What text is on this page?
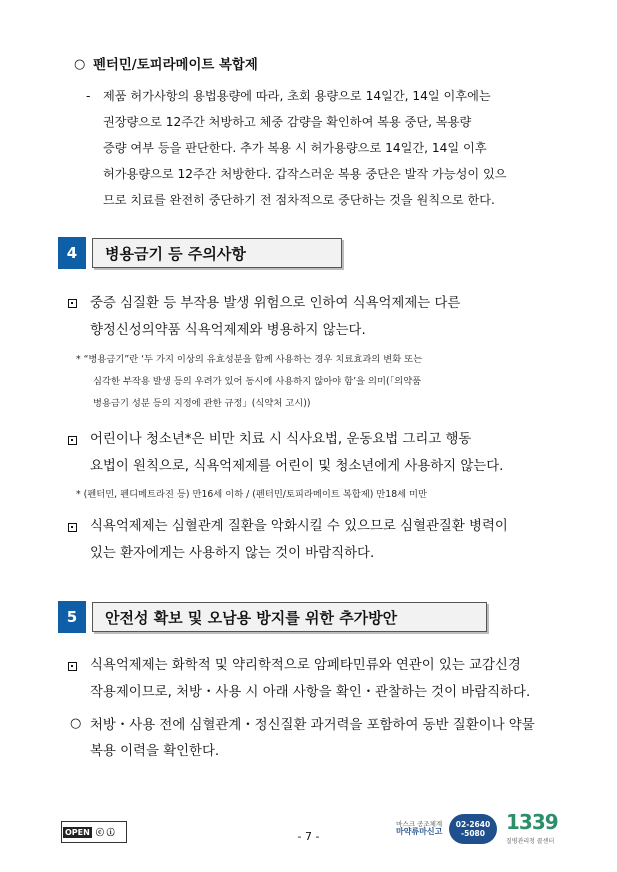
○ 펜터민/토피라메이트 복합제
- 제품 허가사항의 용법용량에 따라, 초회 용량으로 14일간, 14일 이후에는
권장량으로 12주간 처방하고 체중 감량을 확인하여 복용 중단, 복용량
증량 여부 등을 판단한다. 추가 복용 시 허가용량으로 14일간, 14일 이후
허가용량으로 12주간 처방한다. 갑작스러운 복용 중단은 발작 가능성이 있으
므로 치료를 완전히 중단하기 전 점차적으로 중단하는 것을 원칙으로 한다.
4	병용금기 등 주의사항
중증 심질환 등 부작용 발생 위험으로 인하여 식욕억제제는 다른
향정신성의약품 식욕억제제와 병용하지 않는다.
* “병용금기”란 ‘두 가지 이상의 유효성분을 함께 사용하는 경우 치료효과의 변화 또는
심각한 부작용 발생 등의 우려가 있어 동시에 사용하지 않아야 함’을 의미(「의약품
병용금기 성분 등의 지정에 관한 규정」(식약처 고시))
어린이나 청소년*은 비만 치료 시 식사요법, 운동요법 그리고 행동
요법이 원칙으로, 식욕억제제를 어린이 및 청소년에게 사용하지 않는다.
* (펜터민, 펜디메트라진 등) 만16세 이하 / (펜터민/토피라메이트 복합제) 만18세 미만
식욕억제제는 심혈관계 질환을 악화시킬 수 있으므로 심혈관질환 병력이
있는 환자에게는 사용하지 않는 것이 바람직하다.
5	안전성 확보 및 오남용 방지를 위한 추가방안
식욕억제제는 화학적 및 약리학적으로 암페타민류와 연관이 있는 교감신경
작용제이므로, 처방・사용 시 아래 사항을 확인・관찰하는 것이 바람직하다.
○ 처방・사용 전에 심혈관계・정신질환 과거력을 포함하여 동반 질환이나 약물
복용 이력을 확인한다.
OPEN ⓒ ⓘ	- 7 -
마스크 공조체계
마약류마신고
02-2640
-5080 1339
질병관리청 콜센터
